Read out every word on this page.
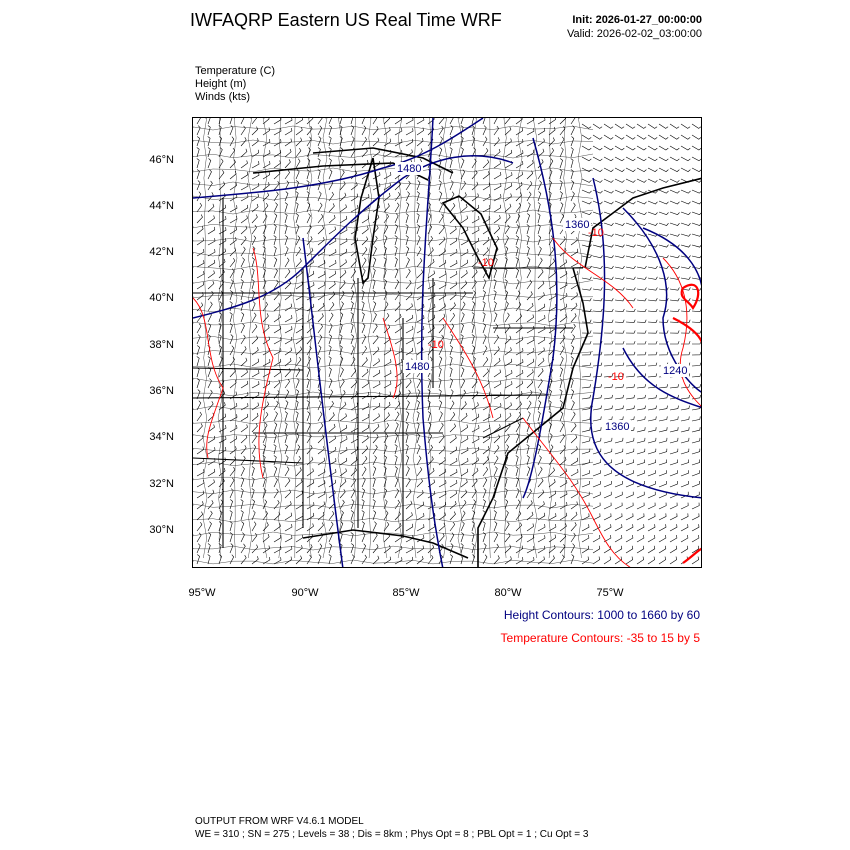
IWFAQRP Eastern US Real Time WRF	Init: 2026-01-27_00:00:00
Valid: 2026-02-02_03:00:00
Temperature (C)
Height (m)
Winds (kts)
1480
1360
1480	1240
1360
-10
-10
-10
-10
46°N
44°N
42°N
40°N
38°N
36°N
34°N
32°N
30°N
95°W	90°W	85°W	80°W	75°W
Height Contours: 1000 to 1660 by 60
Temperature Contours: -35 to 15 by 5
OUTPUT FROM WRF V4.6.1 MODEL
WE = 310 ; SN = 275 ; Levels = 38 ; Dis = 8km ; Phys Opt = 8 ; PBL Opt = 1 ; Cu Opt = 3
